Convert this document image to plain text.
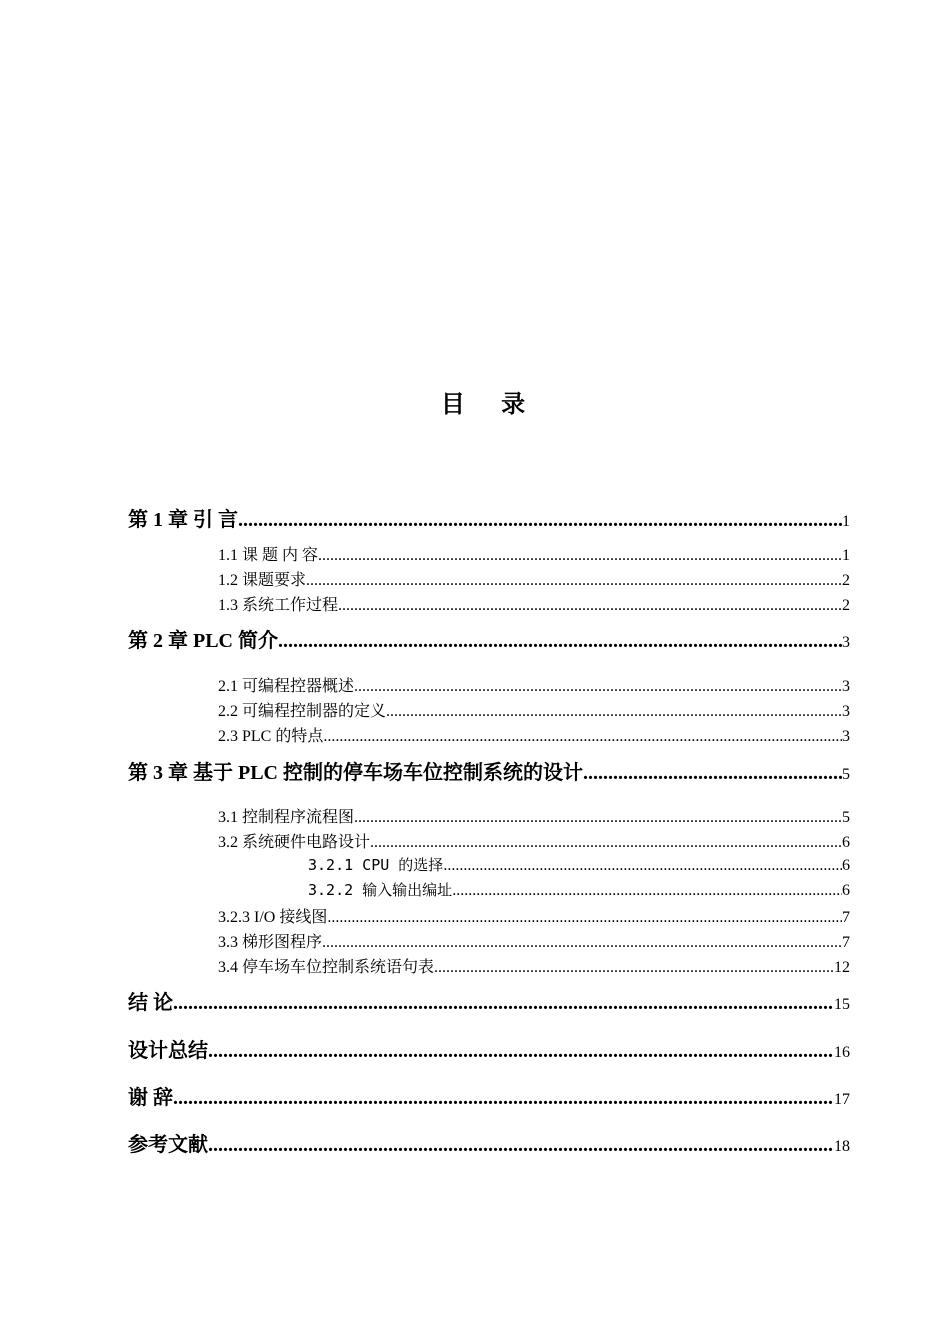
目 录
第 1 章 引 言 .....	1
1.1 课 题 内 容 .....	1
1.2 课题要求 .....	2
1.3 系统工作过程 .....	2
第 2 章 PLC 简介 .....	3
2.1 可编程控器概述 .....	3
2.2 可编程控制器的定义 .....	3
2.3 PLC 的特点 .....	3
第 3 章 基于 PLC 控制的停车场车位控制系统的设计 .....	5
3.1 控制程序流程图 .....	5
3.2 系统硬件电路设计 .....	6
3.2.1 CPU 的选择 .....	6
3.2.2 输入输出编址 .....	6
3.2.3 I/O 接线图 .....	7
3.3 梯形图程序 .....	7
3.4 停车场车位控制系统语句表 .....	12
结 论 .....	15
设计总结 .....	16
谢 辞 .....	17
参考文献 .....	18
